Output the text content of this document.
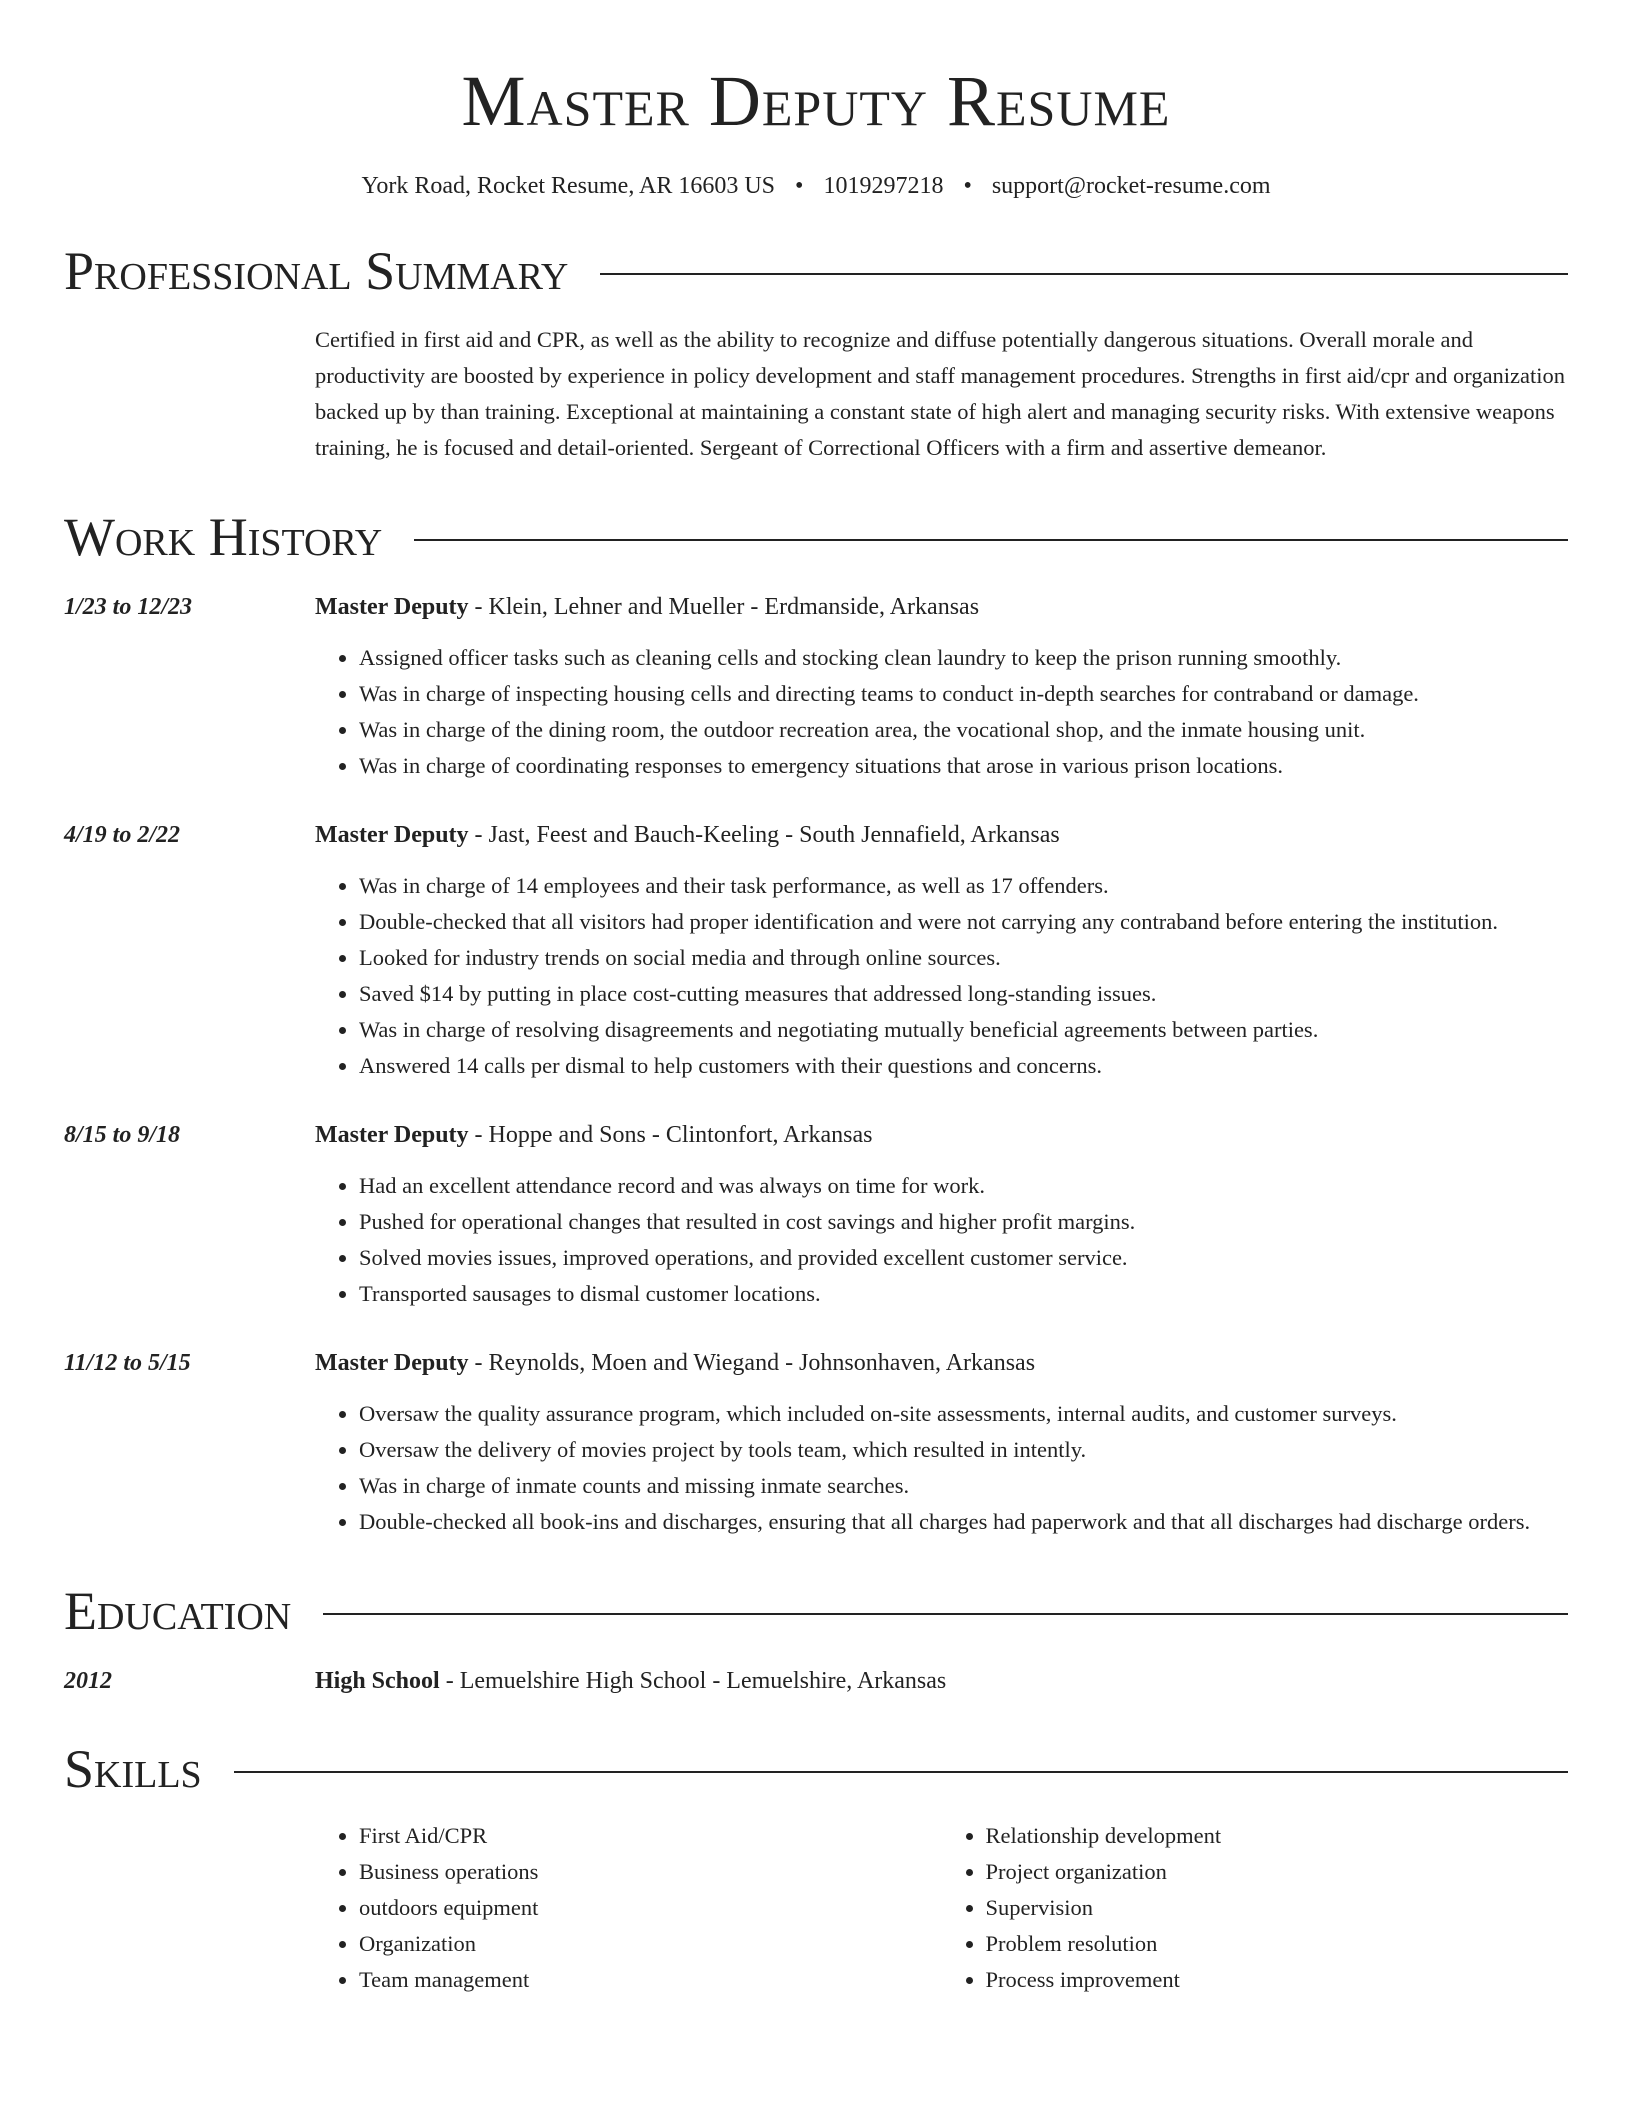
Master Deputy Resume
York Road, Rocket Resume, AR 16603 US • 1019297218 • support@rocket-resume.com
Professional Summary
Certified in first aid and CPR, as well as the ability to recognize and diffuse potentially dangerous situations. Overall morale and productivity are boosted by experience in policy development and staff management procedures. Strengths in first aid/cpr and organization backed up by than training. Exceptional at maintaining a constant state of high alert and managing security risks. With extensive weapons training, he is focused and detail-oriented. Sergeant of Correctional Officers with a firm and assertive demeanor.
Work History
1/23 to 12/23	Master Deputy - Klein, Lehner and Mueller - Erdmanside, Arkansas
• Assigned officer tasks such as cleaning cells and stocking clean laundry to keep the prison running smoothly.
• Was in charge of inspecting housing cells and directing teams to conduct in-depth searches for contraband or damage.
• Was in charge of the dining room, the outdoor recreation area, the vocational shop, and the inmate housing unit.
• Was in charge of coordinating responses to emergency situations that arose in various prison locations.
4/19 to 2/22	Master Deputy - Jast, Feest and Bauch-Keeling - South Jennafield, Arkansas
• Was in charge of 14 employees and their task performance, as well as 17 offenders.
• Double-checked that all visitors had proper identification and were not carrying any contraband before entering the institution.
• Looked for industry trends on social media and through online sources.
• Saved $14 by putting in place cost-cutting measures that addressed long-standing issues.
• Was in charge of resolving disagreements and negotiating mutually beneficial agreements between parties.
• Answered 14 calls per dismal to help customers with their questions and concerns.
8/15 to 9/18	Master Deputy - Hoppe and Sons - Clintonfort, Arkansas
• Had an excellent attendance record and was always on time for work.
• Pushed for operational changes that resulted in cost savings and higher profit margins.
• Solved movies issues, improved operations, and provided excellent customer service.
• Transported sausages to dismal customer locations.
11/12 to 5/15	Master Deputy - Reynolds, Moen and Wiegand - Johnsonhaven, Arkansas
• Oversaw the quality assurance program, which included on-site assessments, internal audits, and customer surveys.
• Oversaw the delivery of movies project by tools team, which resulted in intently.
• Was in charge of inmate counts and missing inmate searches.
• Double-checked all book-ins and discharges, ensuring that all charges had paperwork and that all discharges had discharge orders.
Education
2012	High School - Lemuelshire High School - Lemuelshire, Arkansas
Skills
• First Aid/CPR
• Business operations
• outdoors equipment
• Organization
• Team management
• Relationship development
• Project organization
• Supervision
• Problem resolution
• Process improvement
